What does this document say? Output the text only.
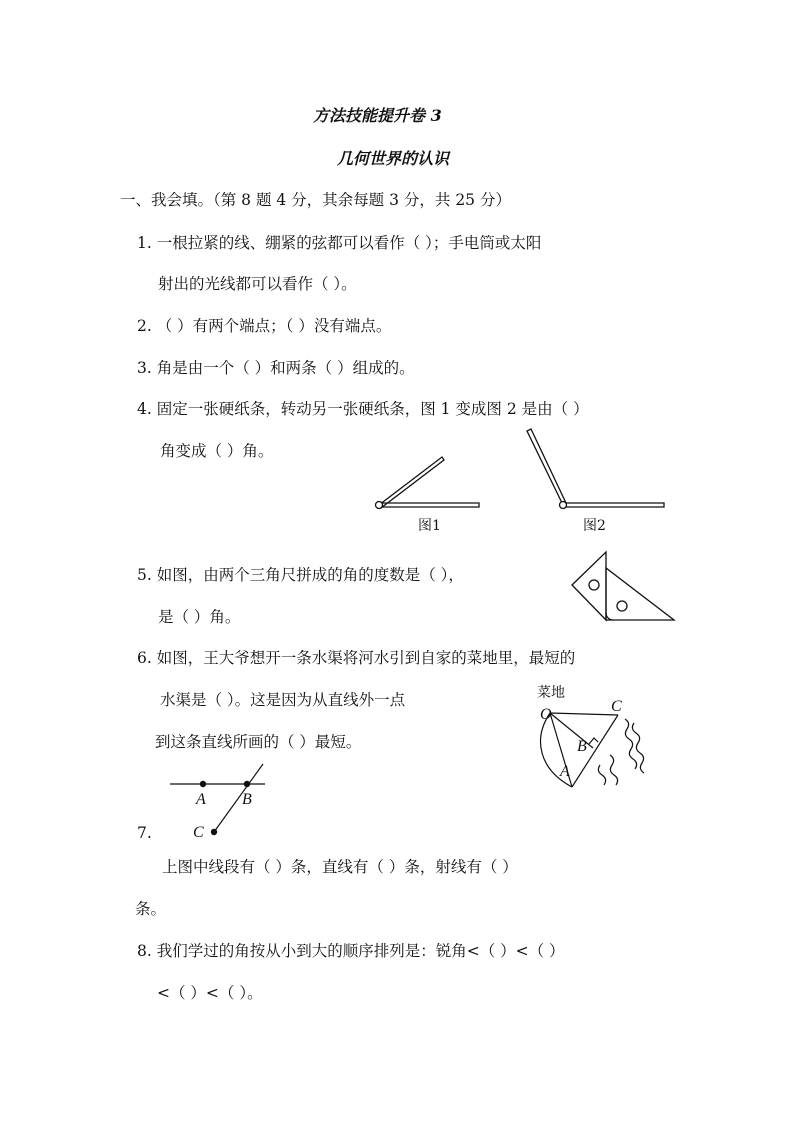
方法技能提升卷 3
几何世界的认识
一、我会填。（第 8 题 4 分，其余每题 3 分，共 25 分）
1. 一根拉紧的线、绷紧的弦都可以看作（ ）；手电筒或太阳
射出的光线都可以看作（ ）。
2. （ ）有两个端点；（ ）没有端点。
3. 角是由一个（ ）和两条（ ）组成的。
4. 固定一张硬纸条，转动另一张硬纸条，图 1 变成图 2 是由（ ）
角变成（ ）角。
图1	图2
5. 如图，由两个三角尺拼成的角的度数是（ ），
是（ ）角。
6. 如图，王大爷想开一条水渠将河水引到自家的菜地里，最短的
水渠是（ ）。这是因为从直线外一点
到这条直线所画的（ ）最短。
菜地
O	C
B
A
A B
C
7.
上图中线段有（ ）条，直线有（ ）条，射线有（ ）
条。
8. 我们学过的角按从小到大的顺序排列是：锐角<（ ）<（ ）
<（ ）<（ ）。
